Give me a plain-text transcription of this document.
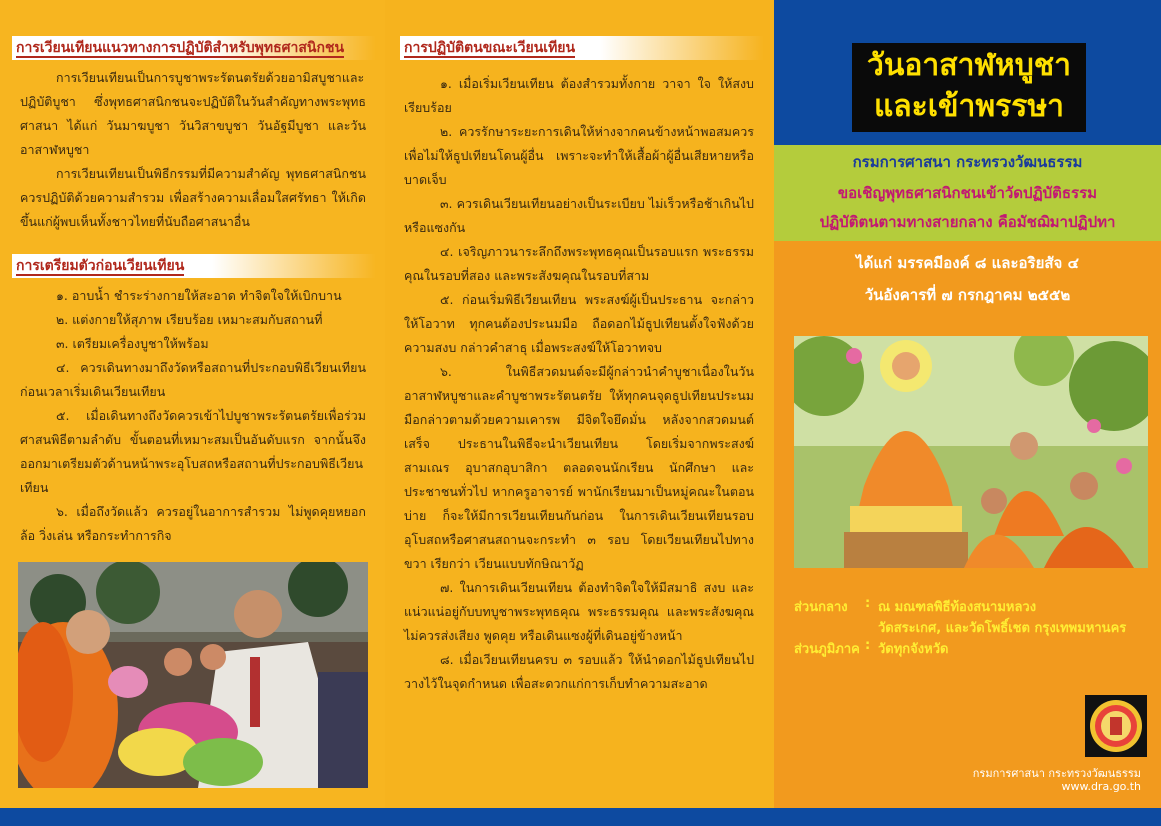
การเวียนเทียนแนวทางการปฏิบัติสำหรับพุทธศาสนิกชน

การเวียนเทียนเป็นการบูชาพระรัตนตรัยด้วยอามิสบูชาและปฏิบัติบูชา ซึ่งพุทธศาสนิกชนจะปฏิบัติในวันสำคัญทางพระพุทธศาสนา ได้แก่ วันมาฆบูชา วันวิสาขบูชา วันอัฐมีบูชา และวันอาสาฬหบูชา

การเวียนเทียนเป็นพิธีกรรมที่มีความสำคัญ พุทธศาสนิกชนควรปฏิบัติด้วยความสำรวม เพื่อสร้างความเลื่อมใสศรัทธา ให้เกิดขึ้นแก่ผู้พบเห็นทั้งชาวไทยที่นับถือศาสนาอื่น

การเตรียมตัวก่อนเวียนเทียน

๑. อาบน้ำ ชำระร่างกายให้สะอาด ทำจิตใจให้เบิกบาน

๒. แต่งกายให้สุภาพ เรียบร้อย เหมาะสมกับสถานที่

๓. เตรียมเครื่องบูชาให้พร้อม

๔. ควรเดินทางมาถึงวัดหรือสถานที่ประกอบพิธีเวียนเทียนก่อนเวลาเริ่มเดินเวียนเทียน

๕. เมื่อเดินทางถึงวัดควรเข้าไปบูชาพระรัตนตรัยเพื่อร่วมศาสนพิธีตามลำดับ ขั้นตอนที่เหมาะสมเป็นอันดับแรก จากนั้นจึงออกมาเตรียมตัวด้านหน้าพระอุโบสถหรือสถานที่ประกอบพิธีเวียนเทียน

๖. เมื่อถึงวัดแล้ว ควรอยู่ในอาการสำรวม ไม่พูดคุยหยอกล้อ วิ่งเล่น หรือกระทำการกิจ

การปฏิบัติตนขณะเวียนเทียน

๑. เมื่อเริ่มเวียนเทียน ต้องสำรวมทั้งกาย วาจา ใจ ให้สงบเรียบร้อย

๒. ควรรักษาระยะการเดินให้ห่างจากคนข้างหน้าพอสมควร เพื่อไม่ให้ธูปเทียนโดนผู้อื่น เพราะจะทำให้เสื้อผ้าผู้อื่นเสียหายหรือบาดเจ็บ

๓. ควรเดินเวียนเทียนอย่างเป็นระเบียบ ไม่เร็วหรือช้าเกินไป หรือแซงกัน

๔. เจริญภาวนาระลึกถึงพระพุทธคุณเป็นรอบแรก พระธรรมคุณในรอบที่สอง และพระสังฆคุณในรอบที่สาม

๕. ก่อนเริ่มพิธีเวียนเทียน พระสงฆ์ผู้เป็นประธาน จะกล่าวให้โอวาท ทุกคนต้องประนมมือ ถือดอกไม้ธูปเทียนตั้งใจฟังด้วยความสงบ กล่าวคำสาธุ เมื่อพระสงฆ์ให้โอวาทจบ

๖. ในพิธีสวดมนต์จะมีผู้กล่าวนำคำบูชาเนื่องในวันอาสาฬหบูชาและคำบูชาพระรัตนตรัย ให้ทุกคนจุดธูปเทียนประนมมือกล่าวตามด้วยความเคารพ มีจิตใจยึดมั่น หลังจากสวดมนต์เสร็จ ประธานในพิธีจะนำเวียนเทียน โดยเริ่มจากพระสงฆ์ สามเณร อุบาสกอุบาสิกา ตลอดจนนักเรียน นักศึกษา และประชาชนทั่วไป หากครูอาจารย์ พานักเรียนมาเป็นหมู่คณะในตอนบ่าย ก็จะให้มีการเวียนเทียนกันก่อน ในการเดินเวียนเทียนรอบอุโบสถหรือศาสนสถานจะกระทำ ๓ รอบ โดยเวียนเทียนไปทางขวา เรียกว่า เวียนแบบทักษิณาวัฏ

๗. ในการเดินเวียนเทียน ต้องทำจิตใจให้มีสมาธิ สงบ และแน่วแน่อยู่กับบทบูชาพระพุทธคุณ พระธรรมคุณ และพระสังฆคุณ ไม่ควรส่งเสียง พูดคุย หรือเดินแซงผู้ที่เดินอยู่ข้างหน้า

๘. เมื่อเวียนเทียนครบ ๓ รอบแล้ว ให้นำดอกไม้ธูปเทียนไปวางไว้ในจุดกำหนด เพื่อสะดวกแก่การเก็บทำความสะอาด

วันอาสาฬหบูชา
และเข้าพรรษา
กรมการศาสนา กระทรวงวัฒนธรรม
ขอเชิญพุทธศาสนิกชนเข้าวัดปฏิบัติธรรม
ปฏิบัติตนตามทางสายกลาง คือมัชฌิมาปฏิปทา
ได้แก่ มรรคมีองค์ ๘ และอริยสัจ ๔
วันอังคารที่ ๗ กรกฎาคม ๒๕๕๒
ส่วนกลาง : ณ มณฑลพิธีท้องสนามหลวง
วัดสระเกศ, และวัดโพธิ์เชต กรุงเทพมหานคร
ส่วนภูมิภาค : วัดทุกจังหวัด
กรมการศาสนา กระทรวงวัฒนธรรม
www.dra.go.th
